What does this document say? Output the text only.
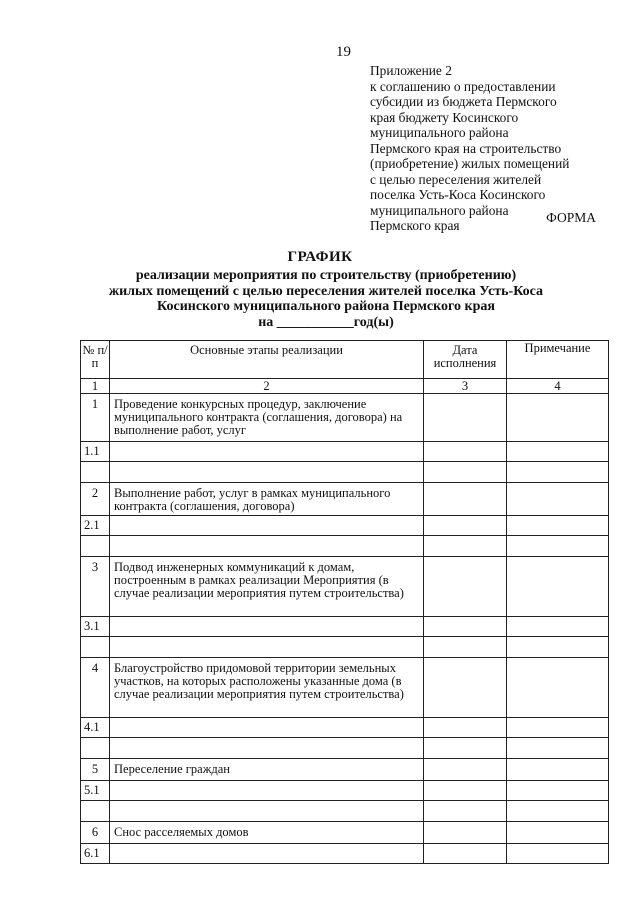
19
Приложение 2
к соглашению о предоставлении
субсидии из бюджета Пермского
края бюджету Косинского
муниципального района
Пермского края на строительство
(приобретение) жилых помещений
с целью переселения жителей
поселка Усть-Коса Косинского
муниципального района
Пермского края
ФОРМА
ГРАФИК
реализации мероприятия по строительству (приобретению)
жилых помещений с целью переселения жителей поселка Усть-Коса
Косинского муниципального района Пермского края
на ___________год(ы)
№ п/п	Основные этапы реализации	Дата исполнения	Примечание
1	2	3	4
1	Проведение конкурсных процедур, заключение муниципального контракта (соглашения, договора) на выполнение работ, услуг		
1.1			

2	Выполнение работ, услуг в рамках муниципального контракта (соглашения, договора)		
2.1			

3	Подвод инженерных коммуникаций к домам, построенным в рамках реализации Мероприятия (в случае реализации мероприятия путем строительства)		
3.1			

4	Благоустройство придомовой территории земельных участков, на которых расположены указанные дома (в случае реализации мероприятия путем строительства)		
4.1			

5	Переселение граждан		
5.1			

6	Снос расселяемых домов		
6.1			
